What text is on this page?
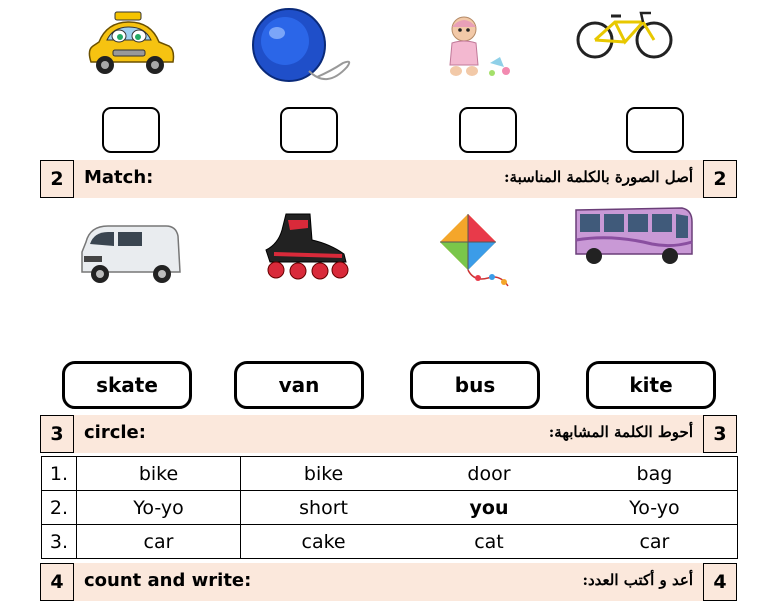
2	Match:	أصل الصورة بالكلمة المناسبة:	2
skate	van	bus	kite
3	circle:	أحوط الكلمة المشابهة:	3
1.	bike	bike	door	bag
2.	Yo-yo	short	you	Yo-yo
3.	car	cake	cat	car
4	count and write:	أعد و أكتب العدد:	4
